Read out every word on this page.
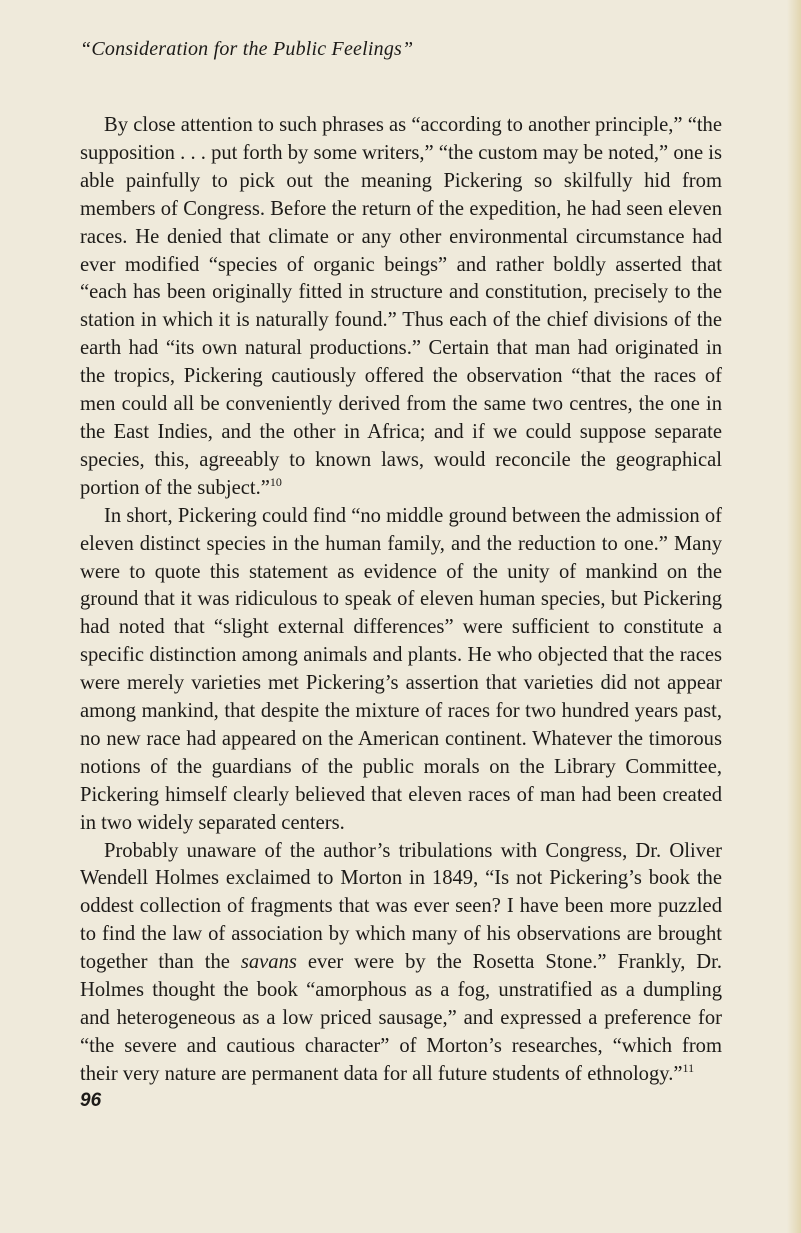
“Consideration for the Public Feelings”

By close attention to such phrases as “according to another principle,” “the supposition . . . put forth by some writers,” “the custom may be noted,” one is able painfully to pick out the meaning Pickering so skilfully hid from members of Congress. Before the return of the expedition, he had seen eleven races. He denied that climate or any other environmental circumstance had ever modified “species of organic beings” and rather boldly asserted that “each has been originally fitted in structure and constitution, precisely to the station in which it is naturally found.” Thus each of the chief divisions of the earth had “its own natural productions.” Certain that man had originated in the tropics, Pickering cautiously offered the observation “that the races of men could all be conveniently derived from the same two centres, the one in the East Indies, and the other in Africa; and if we could suppose separate species, this, agreeably to known laws, would reconcile the geographical portion of the subject.”$^{10}$

In short, Pickering could find “no middle ground between the admission of eleven distinct species in the human family, and the reduction to one.” Many were to quote this statement as evidence of the unity of mankind on the ground that it was ridiculous to speak of eleven human species, but Pickering had noted that “slight external differences” were sufficient to constitute a specific distinction among animals and plants. He who objected that the races were merely varieties met Pickering’s assertion that varieties did not appear among mankind, that despite the mixture of races for two hundred years past, no new race had appeared on the American continent. Whatever the timorous notions of the guardians of the public morals on the Library Committee, Pickering himself clearly believed that eleven races of man had been created in two widely separated centers.

Probably unaware of the author’s tribulations with Congress, Dr. Oliver Wendell Holmes exclaimed to Morton in 1849, “Is not Pickering’s book the oddest collection of fragments that was ever seen? I have been more puzzled to find the law of association by which many of his observations are brought together than the savans ever were by the Rosetta Stone.” Frankly, Dr. Holmes thought the book “amorphous as a fog, unstratified as a dumpling and heterogeneous as a low priced sausage,” and expressed a preference for “the severe and cautious character” of Morton’s researches, “which from their very nature are permanent data for all future students of ethnology.”$^{11}$

96
